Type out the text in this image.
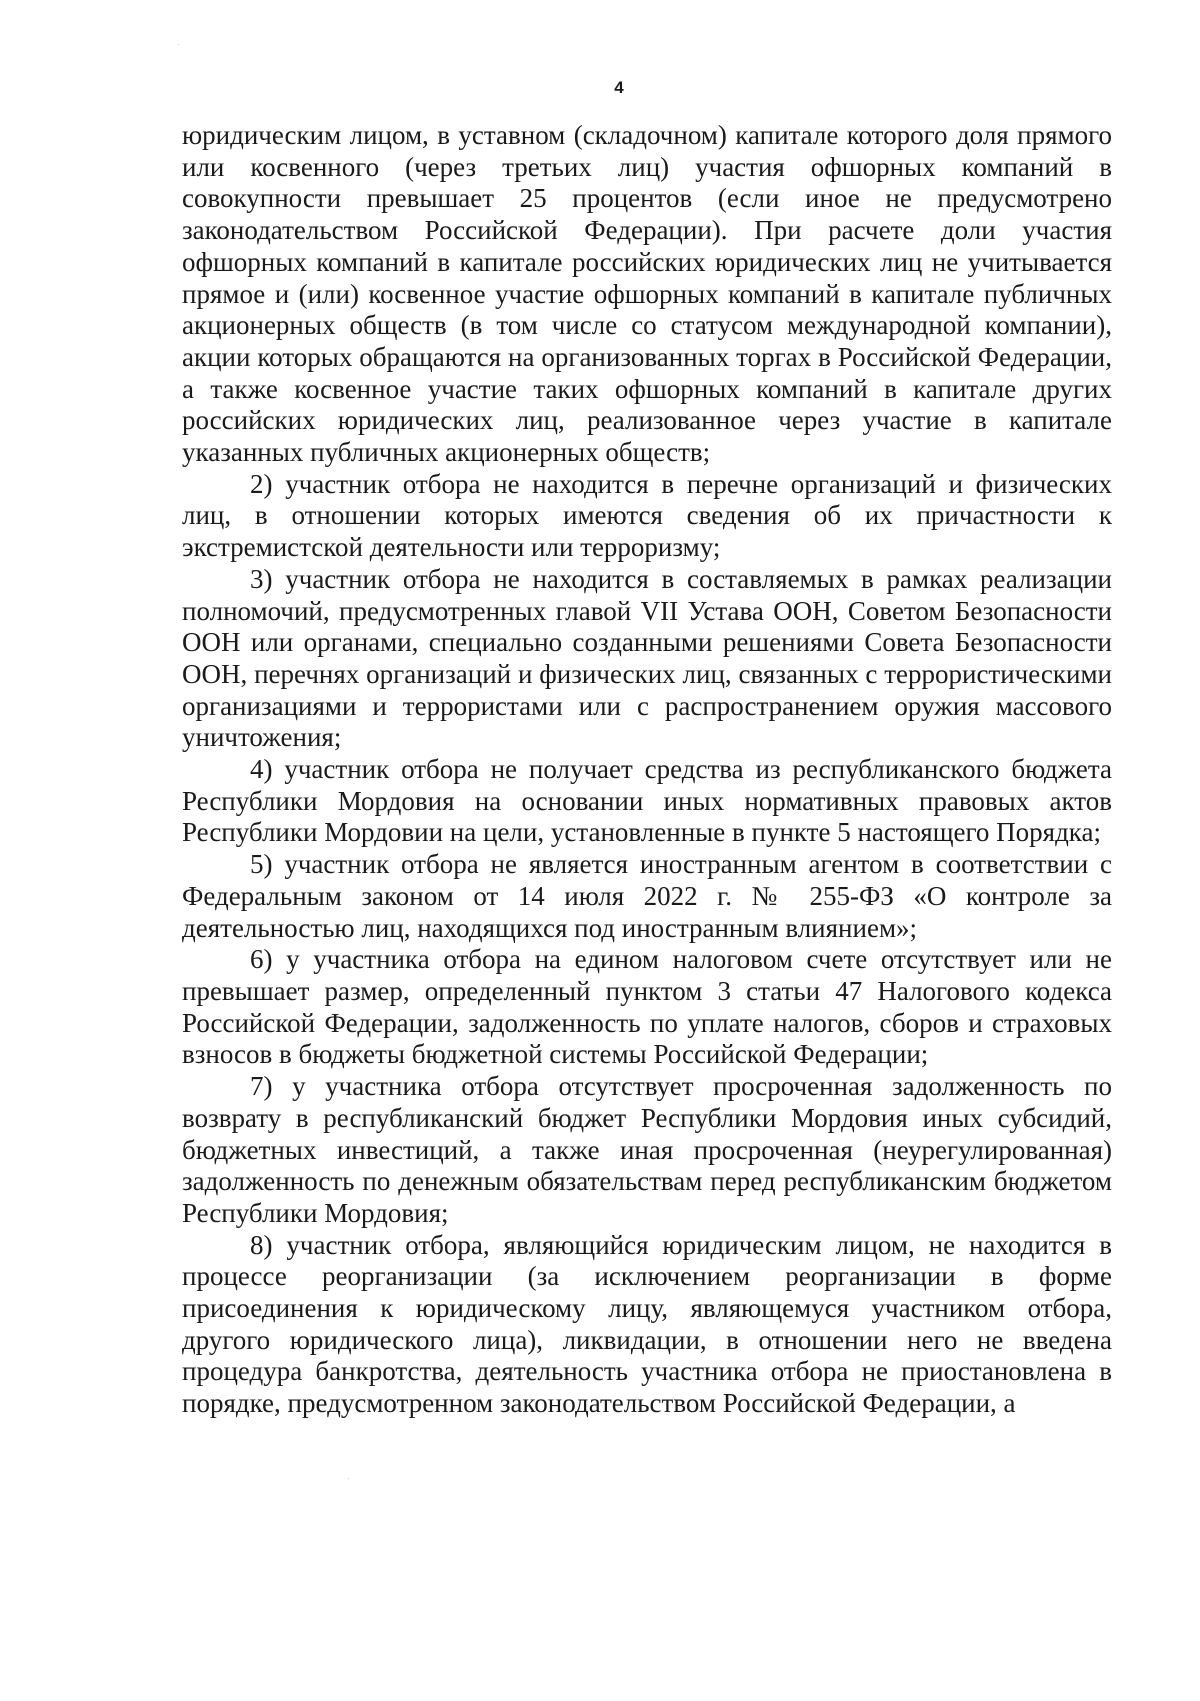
4

юридическим лицом, в уставном (складочном) капитале которого доля прямого или косвенного (через третьих лиц) участия офшорных компаний в совокупности превышает 25 процентов (если иное не предусмотрено законодательством Российской Федерации). При расчете доли участия офшорных компаний в капитале российских юридических лиц не учитывается прямое и (или) косвенное участие офшорных компаний в капитале публичных акционерных обществ (в том числе со статусом международной компании), акции которых обращаются на организованных торгах в Российской Федерации, а также косвенное участие таких офшорных компаний в капитале других российских юридических лиц, реализованное через участие в капитале указанных публичных акционерных обществ;

2) участник отбора не находится в перечне организаций и физических лиц, в отношении которых имеются сведения об их причастности к экстремистской деятельности или терроризму;

3) участник отбора не находится в составляемых в рамках реализации полномочий, предусмотренных главой VII Устава ООН, Советом Безопасности ООН или органами, специально созданными решениями Совета Безопасности ООН, перечнях организаций и физических лиц, связанных с террористическими организациями и террористами или с распространением оружия массового уничтожения;

4) участник отбора не получает средства из республиканского бюджета Республики Мордовия на основании иных нормативных правовых актов Республики Мордовии на цели, установленные в пункте 5 настоящего Порядка;

5) участник отбора не является иностранным агентом в соответствии с Федеральным законом от 14 июля 2022 г. № 255-ФЗ «О контроле за деятельностью лиц, находящихся под иностранным влиянием»;

6) у участника отбора на едином налоговом счете отсутствует или не превышает размер, определенный пунктом 3 статьи 47 Налогового кодекса Российской Федерации, задолженность по уплате налогов, сборов и страховых взносов в бюджеты бюджетной системы Российской Федерации;

7) у участника отбора отсутствует просроченная задолженность по возврату в республиканский бюджет Республики Мордовия иных субсидий, бюджетных инвестиций, а также иная просроченная (неурегулированная) задолженность по денежным обязательствам перед республиканским бюджетом Республики Мордовия;

8) участник отбора, являющийся юридическим лицом, не находится в процессе реорганизации (за исключением реорганизации в форме присоединения к юридическому лицу, являющемуся участником отбора, другого юридического лица), ликвидации, в отношении него не введена процедура банкротства, деятельность участника отбора не приостановлена в порядке, предусмотренном законодательством Российской Федерации, а
